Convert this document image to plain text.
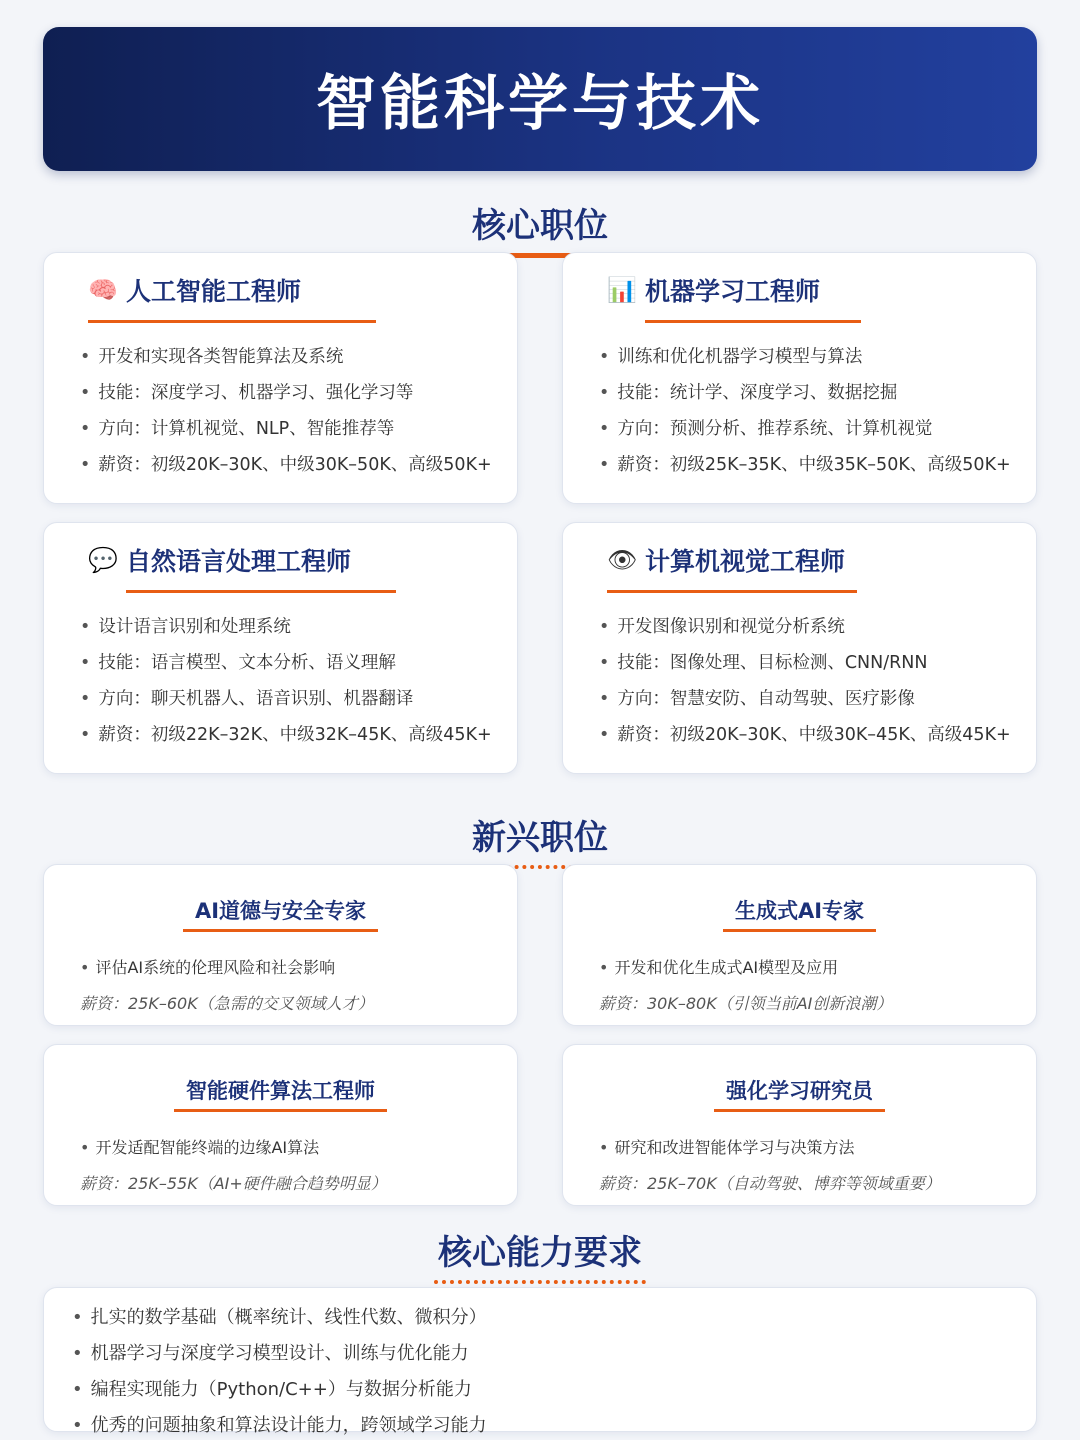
智能科学与技术
核心职位
🧠 人工智能工程师
• 开发和实现各类智能算法及系统
• 技能：深度学习、机器学习、强化学习等
• 方向：计算机视觉、NLP、智能推荐等
• 薪资：初级20K–30K、中级30K–50K、高级50K+
📊 机器学习工程师
• 训练和优化机器学习模型与算法
• 技能：统计学、深度学习、数据挖掘
• 方向：预测分析、推荐系统、计算机视觉
• 薪资：初级25K–35K、中级35K–50K、高级50K+
💬 自然语言处理工程师
• 设计语言识别和处理系统
• 技能：语言模型、文本分析、语义理解
• 方向：聊天机器人、语音识别、机器翻译
• 薪资：初级22K–32K、中级32K–45K、高级45K+
👁 计算机视觉工程师
• 开发图像识别和视觉分析系统
• 技能：图像处理、目标检测、CNN/RNN
• 方向：智慧安防、自动驾驶、医疗影像
• 薪资：初级20K–30K、中级30K–45K、高级45K+
新兴职位
AI道德与安全专家
• 评估AI系统的伦理风险和社会影响
薪资：25K–60K（急需的交叉领域人才）
生成式AI专家
• 开发和优化生成式AI模型及应用
薪资：30K–80K（引领当前AI创新浪潮）
智能硬件算法工程师
• 开发适配智能终端的边缘AI算法
薪资：25K–55K（AI+硬件融合趋势明显）
强化学习研究员
• 研究和改进智能体学习与决策方法
薪资：25K–70K（自动驾驶、博弈等领域重要）
核心能力要求
• 扎实的数学基础（概率统计、线性代数、微积分）
• 机器学习与深度学习模型设计、训练与优化能力
• 编程实现能力（Python/C++）与数据分析能力
• 优秀的问题抽象和算法设计能力，跨领域学习能力
